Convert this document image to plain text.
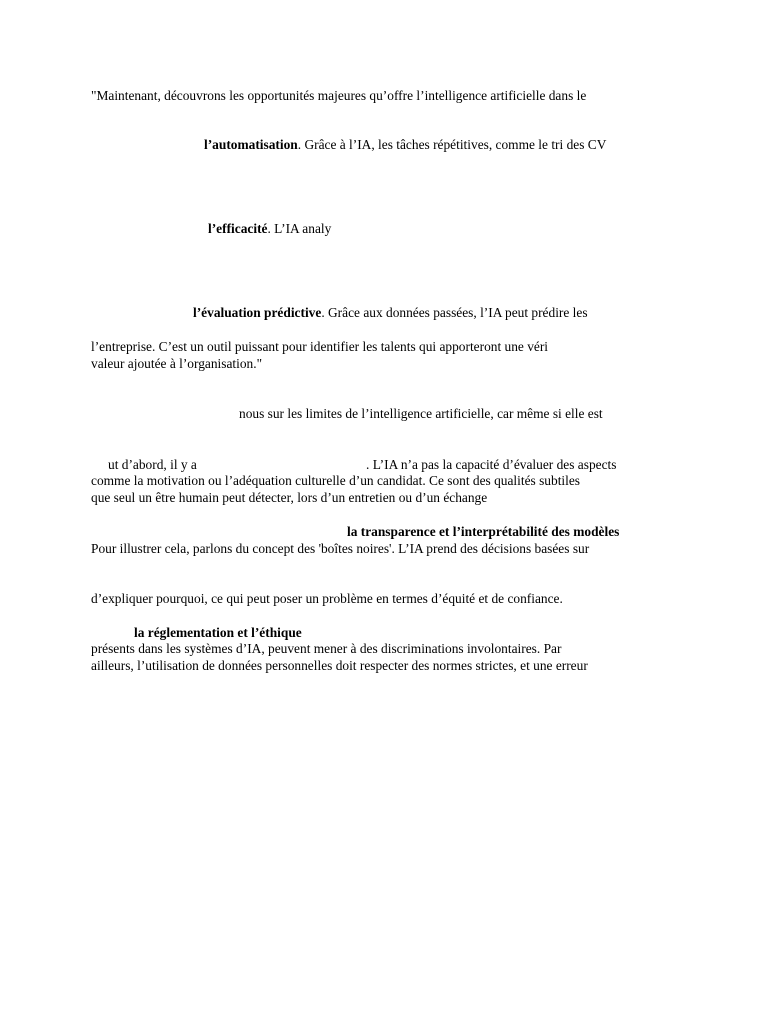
"Maintenant, découvrons les opportunités majeures qu’offre l’intelligence artificielle dans le
l’automatisation. Grâce à l’IA, les tâches répétitives, comme le tri des CV
l’efficacité. L’IA analy
l’évaluation prédictive. Grâce aux données passées, l’IA peut prédire les
l’entreprise. C’est un outil puissant pour identifier les talents qui apporteront une véri
valeur ajoutée à l’organisation."
nous sur les limites de l’intelligence artificielle, car même si elle est
ut d’abord, il y a	. L’IA n’a pas la capacité d’évaluer des aspects
comme la motivation ou l’adéquation culturelle d’un candidat. Ce sont des qualités subtiles
que seul un être humain peut détecter, lors d’un entretien ou d’un échange
la transparence et l’interprétabilité des modèles
Pour illustrer cela, parlons du concept des 'boîtes noires'. L’IA prend des décisions basées sur
d’expliquer pourquoi, ce qui peut poser un problème en termes d’équité et de confiance.
la réglementation et l’éthique
présents dans les systèmes d’IA, peuvent mener à des discriminations involontaires. Par
ailleurs, l’utilisation de données personnelles doit respecter des normes strictes, et une erreur
